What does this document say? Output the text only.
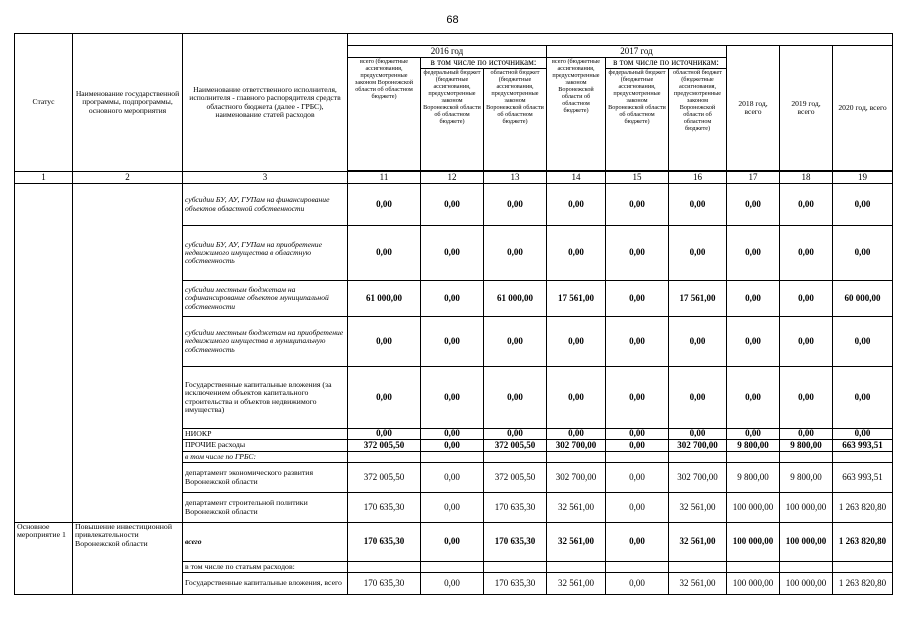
68
Статус	Наименование государственной программы, подпрограммы, основного мероприятия	Наименование ответственного исполнителя, исполнителя - главного распорядителя средств областного бюджета (далее - ГРБС), наименование статей расходов									
			2016 год			2017 год			2018 год, всего	2019 год, всего	2020 год, всего
			всего (бюджетные ассигнования, предусмотренные законом Воронежской области об областном бюджете)	в том числе по источникам:		всего (бюджетные ассигнования, предусмотренные законом Воронежской области об областном бюджете)	в том числе по источникам:				
				федеральный бюджет (бюджетные ассигнования, предусмотренные законом Воронежской области об областном бюджете)	областной бюджет (бюджетные ассигнования, предусмотренные законом Воронежской области об областном бюджете)		федеральный бюджет (бюджетные ассигнования, предусмотренные законом Воронежской области об областном бюджете)	областной бюджет (бюджетные ассигнования, предусмотренные законом Воронежской области об областном бюджете)			

1	2	3	11	12	13	14	15	16	17	18	19
		субсидии БУ, АУ, ГУПам на финансирование объектов областной собственности	0,00	0,00	0,00	0,00	0,00	0,00	0,00	0,00	0,00
		субсидии БУ, АУ, ГУПам на приобретение недвижимого имущества в областную собственность	0,00	0,00	0,00	0,00	0,00	0,00	0,00	0,00	0,00
		субсидии местным бюджетам на софинансирование объектов муниципальной собственности	61 000,00	0,00	61 000,00	17 561,00	0,00	17 561,00	0,00	0,00	60 000,00
		субсидии местным бюджетам на приобретение недвижимого имущества в муниципальную собственность	0,00	0,00	0,00	0,00	0,00	0,00	0,00	0,00	0,00
		Государственные капитальные вложения (за исключением объектов капитального строительства и объектов недвижимого имущества)	0,00	0,00	0,00	0,00	0,00	0,00	0,00	0,00	0,00
		НИОКР	0,00	0,00	0,00	0,00	0,00	0,00	0,00	0,00	0,00
		ПРОЧИЕ расходы	372 005,50	0,00	372 005,50	302 700,00	0,00	302 700,00	9 800,00	9 800,00	663 993,51
		в том числе по ГРБС:									
		департамент экономического развития Воронежской области	372 005,50	0,00	372 005,50	302 700,00	0,00	302 700,00	9 800,00	9 800,00	663 993,51
		департамент строительной политики Воронежской области	170 635,30	0,00	170 635,30	32 561,00	0,00	32 561,00	100 000,00	100 000,00	1 263 820,80
Основное мероприятие 1	Повышение инвестиционной привлекательности Воронежской области	всего	170 635,30	0,00	170 635,30	32 561,00	0,00	32 561,00	100 000,00	100 000,00	1 263 820,80
		в том числе по статьям расходов:									
		Государственные капитальные вложения, всего	170 635,30	0,00	170 635,30	32 561,00	0,00	32 561,00	100 000,00	100 000,00	1 263 820,80
